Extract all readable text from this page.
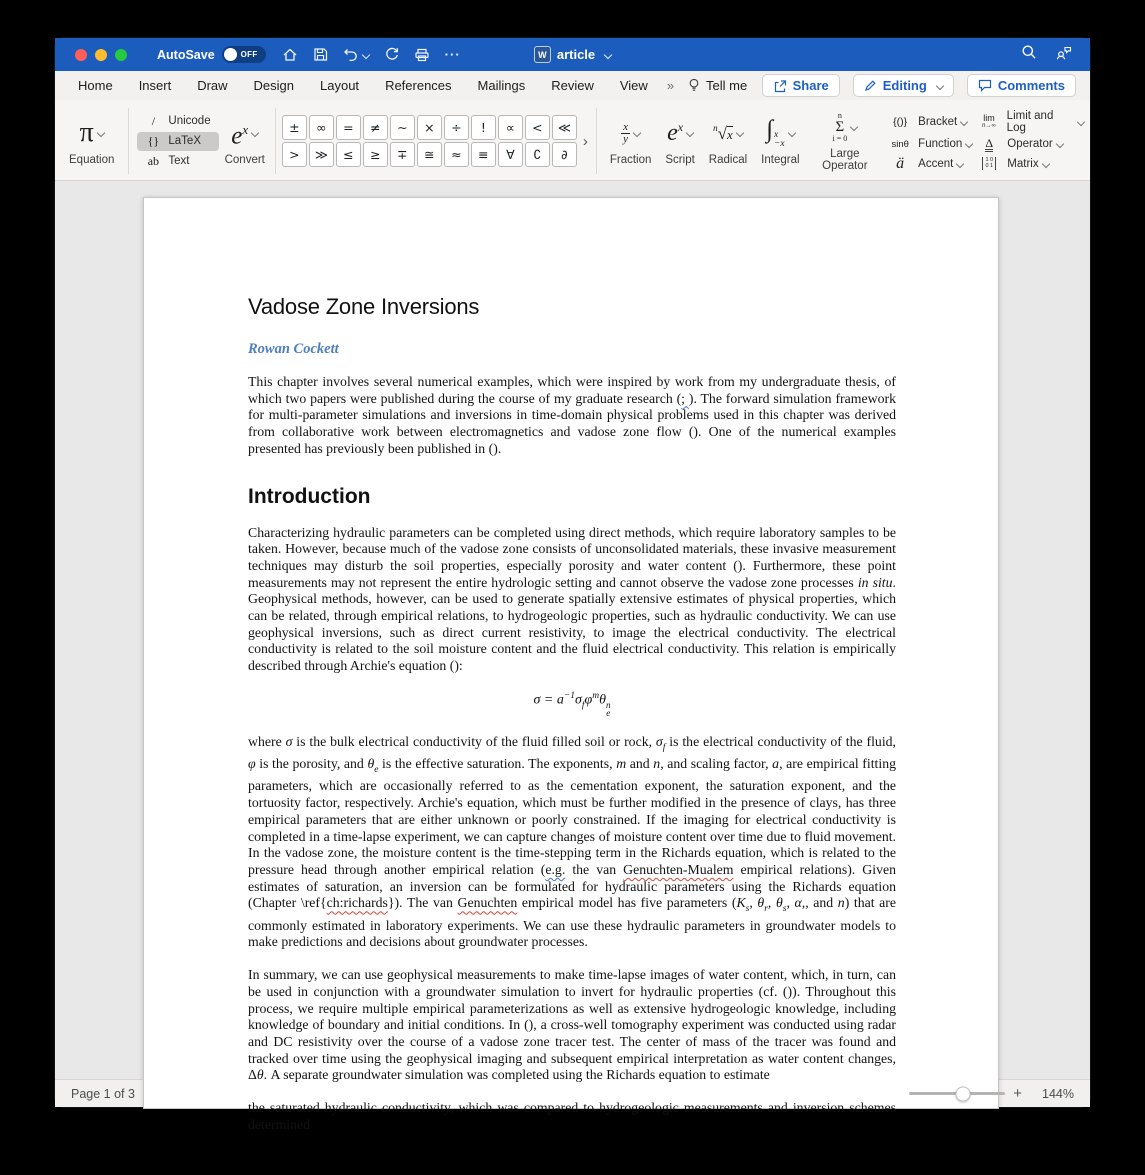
AutoSave	OFF	···	W article
Home	Insert	Draw	Design	Layout	References	Mailings	Review	View	» Tell me	Share	Editing	Comments
π
Equation
/	Unicode
{} LaTeX
ab Text
$e^x$
Convert
±	∞	=	≠	∼	×	÷	!	∝	<	≪
>	≫	≤	≥	∓	≅	≈	≡	∀	∁	∂
›	$\frac{x}{y}$
Fraction
$e^x$
Script
$^n$√x
Radical
∫ x
−x
Integral
n
Σ
i = 0
Large Operator
{()} Bracket	lim
n→∞
Limit and Log
sinθ Function Δ Operator
ä Accent	1 0
0 1 Matrix
Vadose Zone Inversions
Rowan Cockett
This chapter involves several numerical examples, which were inspired by work from my undergraduate thesis, of which two papers were published during the course of my graduate research (; ). The forward simulation framework for multi-parameter simulations and inversions in time-domain physical problems used in this chapter was derived from collaborative work between electromagnetics and vadose zone flow (). One of the numerical examples presented has previously been published in ().
Introduction
Characterizing hydraulic parameters can be completed using direct methods, which require laboratory samples to be taken. However, because much of the vadose zone consists of unconsolidated materials, these invasive measurement techniques may disturb the soil properties, especially porosity and water content (). Furthermore, these point measurements may not represent the entire hydrologic setting and cannot observe the vadose zone processes in situ. Geophysical methods, however, can be used to generate spatially extensive estimates of physical properties, which can be related, through empirical relations, to hydrogeologic properties, such as hydraulic conductivity. We can use geophysical inversions, such as direct current resistivity, to image the electrical conductivity. The electrical conductivity is related to the soil moisture content and the fluid electrical conductivity. This relation is empirically described through Archie's equation ():
$\sigma = a^{-1}\sigma_f\varphi^m\theta$ n
e
where σ is the bulk electrical conductivity of the fluid filled soil or rock, $\sigma_f$ is the electrical conductivity of the fluid, φ is the porosity, and $\theta_e$ is the effective saturation. The exponents, m and n, and scaling factor, a, are empirical fitting parameters, which are occasionally referred to as the cementation exponent, the saturation exponent, and the tortuosity factor, respectively. Archie's equation, which must be further modified in the presence of clays, has three empirical parameters that are either unknown or poorly constrained. If the imaging for electrical conductivity is completed in a time-lapse experiment, we can capture changes of moisture content over time due to fluid movement. In the vadose zone, the moisture content is the time-stepping term in the Richards equation, which is related to the pressure head through another empirical relation (e.g. the van Genuchten-Mualem empirical relations). Given estimates of saturation, an inversion can be formulated for hydraulic parameters using the Richards equation (Chapter \ref{ch:richards}). The van Genuchten empirical model has five parameters ($K_s$, $\theta_r$, $\theta_s$, α,, and n) that are commonly estimated in laboratory experiments. We can use these hydraulic parameters in groundwater models to make predictions and decisions about groundwater processes.
In summary, we can use geophysical measurements to make time-lapse images of water content, which, in turn, can be used in conjunction with a groundwater simulation to invert for hydraulic properties (cf. ()). Throughout this process, we require multiple empirical parameterizations as well as extensive hydrogeologic knowledge, including knowledge of boundary and initial conditions. In (), a cross-well tomography experiment was conducted using radar and DC resistivity over the course of a vadose zone tracer test. The center of mass of the tracer was found and tracked over time using the geophysical imaging and subsequent empirical interpretation as water content changes, Δθ. A separate groundwater simulation was completed using the Richards equation to estimate
the saturated hydraulic conductivity, which was compared to hydrogeologic measurements and inversion schemes determined
Page 1 of 3	+	144%
